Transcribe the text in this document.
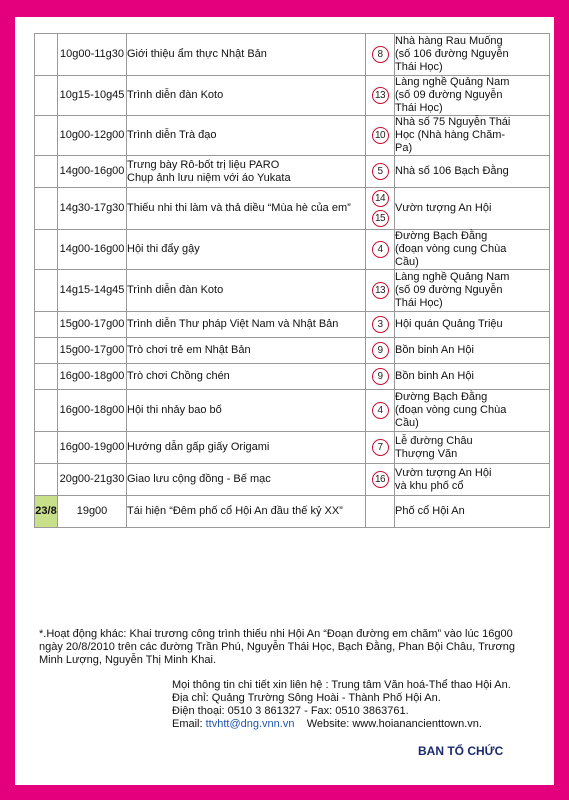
	10g00-11g30	Giới thiệu ẩm thực Nhật Bản	8	Nhà hàng Rau Muống
(số 106 đường Nguyễn
Thái Học)

	10g15-10g45	Trình diễn đàn Koto	13	Làng nghề Quảng Nam
(số 09 đường Nguyễn
Thái Học)

	10g00-12g00	Trình diễn Trà đạo	10	Nhà số 75 Nguyễn Thái
Học (Nhà hàng Chăm-
Pa)

	14g00-16g00	Trưng bày Rô-bốt trị liệu PARO
Chụp ảnh lưu niệm với áo Yukata	5	Nhà số 106 Bạch Đằng

	14g30-17g30	Thiếu nhi thi làm và thả diều “Mùa hè của em”	14
15	Vườn tượng An Hội

	14g00-16g00	Hội thi đẩy gậy	4	Đường Bạch Đằng
(đoạn vòng cung Chùa
Cầu)

	14g15-14g45	Trình diễn đàn Koto	13	Làng nghề Quảng Nam
(số 09 đường Nguyễn
Thái Học)

	15g00-17g00	Trình diễn Thư pháp Việt Nam và Nhật Bản	3	Hội quán Quảng Triệu

	15g00-17g00	Trò chơi trẻ em Nhật Bản	9	Bồn binh An Hội

	16g00-18g00	Trò chơi Chồng chén	9	Bồn binh An Hội

	16g00-18g00	Hội thi nhảy bao bố	4	Đường Bạch Đằng
(đoạn vòng cung Chùa
Cầu)

	16g00-19g00	Hướng dẫn gấp giấy Origami	7	Lễ đường Châu
Thượng Văn

	20g00-21g30	Giao lưu cộng đồng - Bế mạc	16	Vườn tượng An Hội
và khu phố cổ

23/8	19g00	Tái hiện “Đêm phố cổ Hội An đầu thế kỷ XX”		Phố cổ Hội An
*.Hoạt động khác: Khai trương công trình thiếu nhi Hội An “Đoạn đường em chăm” vào lúc 16g00 ngày 20/8/2010 trên các đường Trần Phú, Nguyễn Thái Học, Bạch Đằng, Phan Bội Châu, Trương Minh Lượng, Nguyễn Thị Minh Khai.
Mọi thông tin chi tiết xin liên hệ : Trung tâm Văn hoá-Thể thao Hội An.
Địa chỉ: Quảng Trường Sông Hoài - Thành Phố Hội An.
Điện thoại: 0510 3 861327 - Fax: 0510 3863761.
Email: ttvhtt@dng.vnn.vn Website: www.hoianancienttown.vn.
BAN TỔ CHỨC
